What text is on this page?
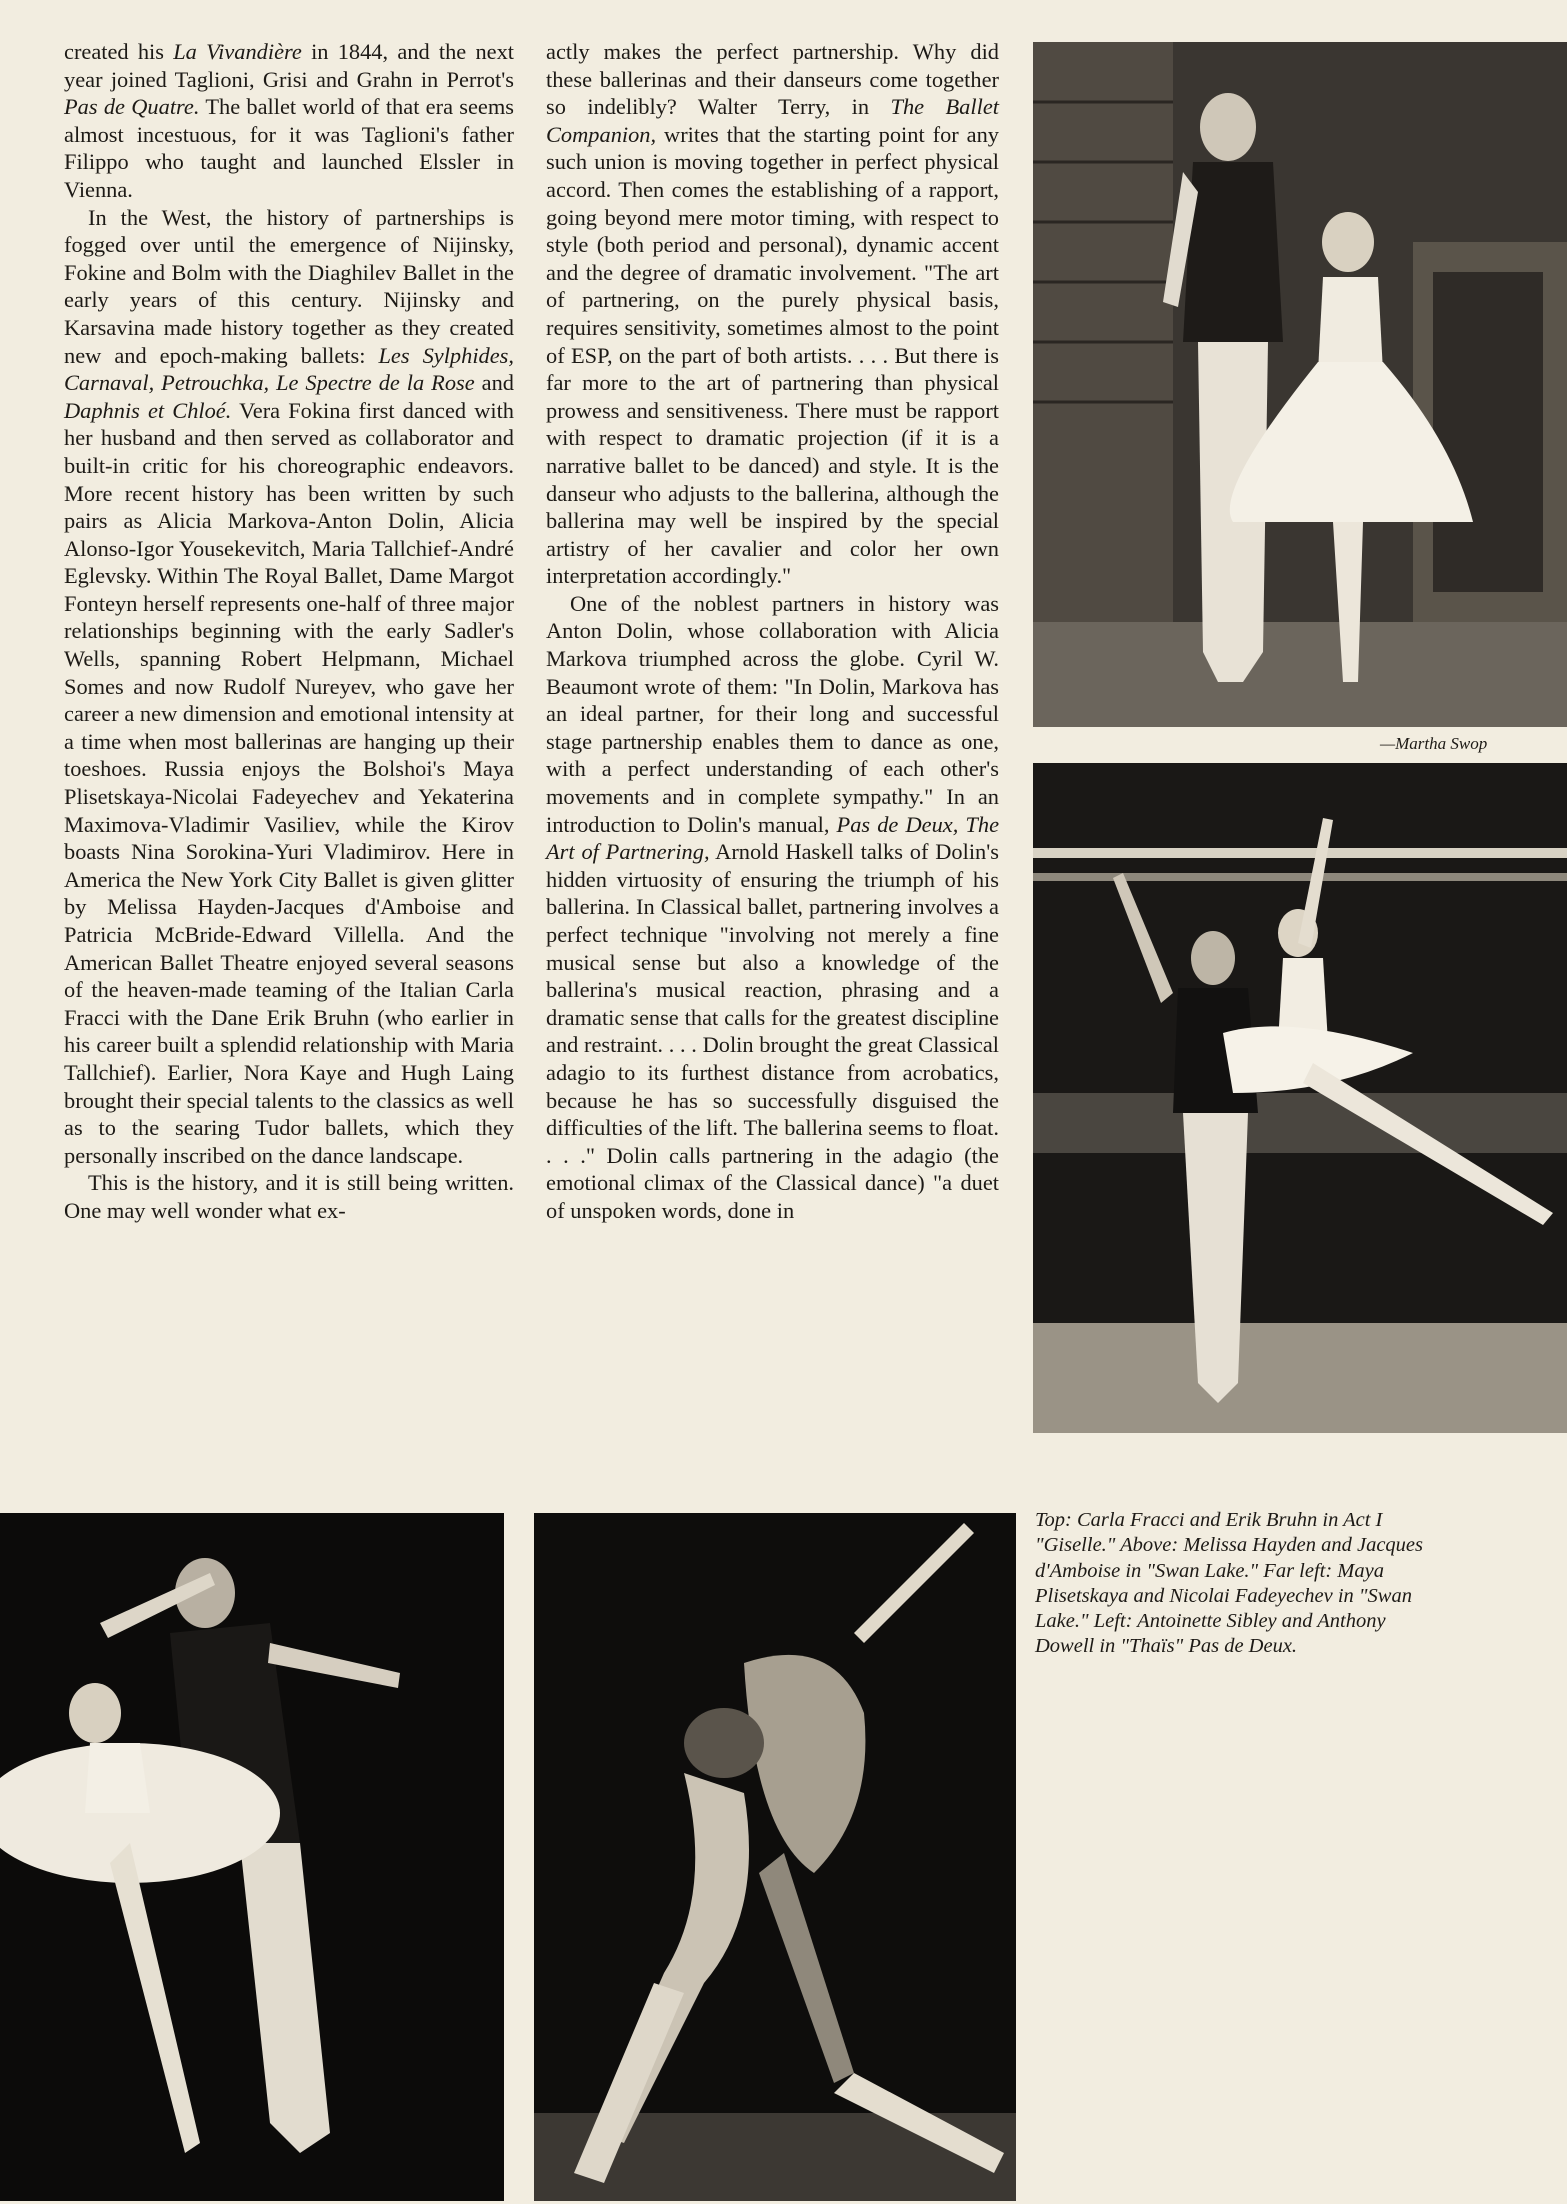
created his La Vivandière in 1844, and the next year joined Taglioni, Grisi and Grahn in Perrot's Pas de Quatre. The ballet world of that era seems almost incestuous, for it was Taglioni's father Filippo who taught and launched Elssler in Vienna.

In the West, the history of partnerships is fogged over until the emergence of Nijinsky, Fokine and Bolm with the Diaghilev Ballet in the early years of this century. Nijinsky and Karsavina made history together as they created new and epoch-making ballets: Les Sylphides, Carnaval, Petrouchka, Le Spectre de la Rose and Daphnis et Chloé. Vera Fokina first danced with her husband and then served as collaborator and built-in critic for his choreographic endeavors. More recent history has been written by such pairs as Alicia Markova-Anton Dolin, Alicia Alonso-Igor Yousekevitch, Maria Tallchief-André Eglevsky. Within The Royal Ballet, Dame Margot Fonteyn herself represents one-half of three major relationships beginning with the early Sadler's Wells, spanning Robert Helpmann, Michael Somes and now Rudolf Nureyev, who gave her career a new dimension and emotional intensity at a time when most ballerinas are hanging up their toeshoes. Russia enjoys the Bolshoi's Maya Plisetskaya-Nicolai Fadeyechev and Yekaterina Maximova-Vladimir Vasiliev, while the Kirov boasts Nina Sorokina-Yuri Vladimirov. Here in America the New York City Ballet is given glitter by Melissa Hayden-Jacques d'Amboise and Patricia McBride-Edward Villella. And the American Ballet Theatre enjoyed several seasons of the heaven-made teaming of the Italian Carla Fracci with the Dane Erik Bruhn (who earlier in his career built a splendid relationship with Maria Tallchief). Earlier, Nora Kaye and Hugh Laing brought their special talents to the classics as well as to the searing Tudor ballets, which they personally inscribed on the dance landscape.

This is the history, and it is still being written. One may well wonder what ex-

actly makes the perfect partnership. Why did these ballerinas and their danseurs come together so indelibly? Walter Terry, in The Ballet Companion, writes that the starting point for any such union is moving together in perfect physical accord. Then comes the establishing of a rapport, going beyond mere motor timing, with respect to style (both period and personal), dynamic accent and the degree of dramatic involvement. "The art of partnering, on the purely physical basis, requires sensitivity, sometimes almost to the point of ESP, on the part of both artists. . . . But there is far more to the art of partnering than physical prowess and sensitiveness. There must be rapport with respect to dramatic projection (if it is a narrative ballet to be danced) and style. It is the danseur who adjusts to the ballerina, although the ballerina may well be inspired by the special artistry of her cavalier and color her own interpretation accordingly."

One of the noblest partners in history was Anton Dolin, whose collaboration with Alicia Markova triumphed across the globe. Cyril W. Beaumont wrote of them: "In Dolin, Markova has an ideal partner, for their long and successful stage partnership enables them to dance as one, with a perfect understanding of each other's movements and in complete sympathy." In an introduction to Dolin's manual, Pas de Deux, The Art of Partnering, Arnold Haskell talks of Dolin's hidden virtuosity of ensuring the triumph of his ballerina. In Classical ballet, partnering involves a perfect technique "involving not merely a fine musical sense but also a knowledge of the ballerina's musical reaction, phrasing and a dramatic sense that calls for the greatest discipline and restraint. . . . Dolin brought the great Classical adagio to its furthest distance from acrobatics, because he has so successfully disguised the difficulties of the lift. The ballerina seems to float. . . ." Dolin calls partnering in the adagio (the emotional climax of the Classical dance) "a duet of unspoken words, done in

—Martha Swop
Top: Carla Fracci and Erik Bruhn in Act I "Giselle." Above: Melissa Hayden and Jacques d'Amboise in "Swan Lake." Far left: Maya Plisetskaya and Nicolai Fadeyechev in "Swan Lake." Left: Antoinette Sibley and Anthony Dowell in "Thaïs" Pas de Deux.
